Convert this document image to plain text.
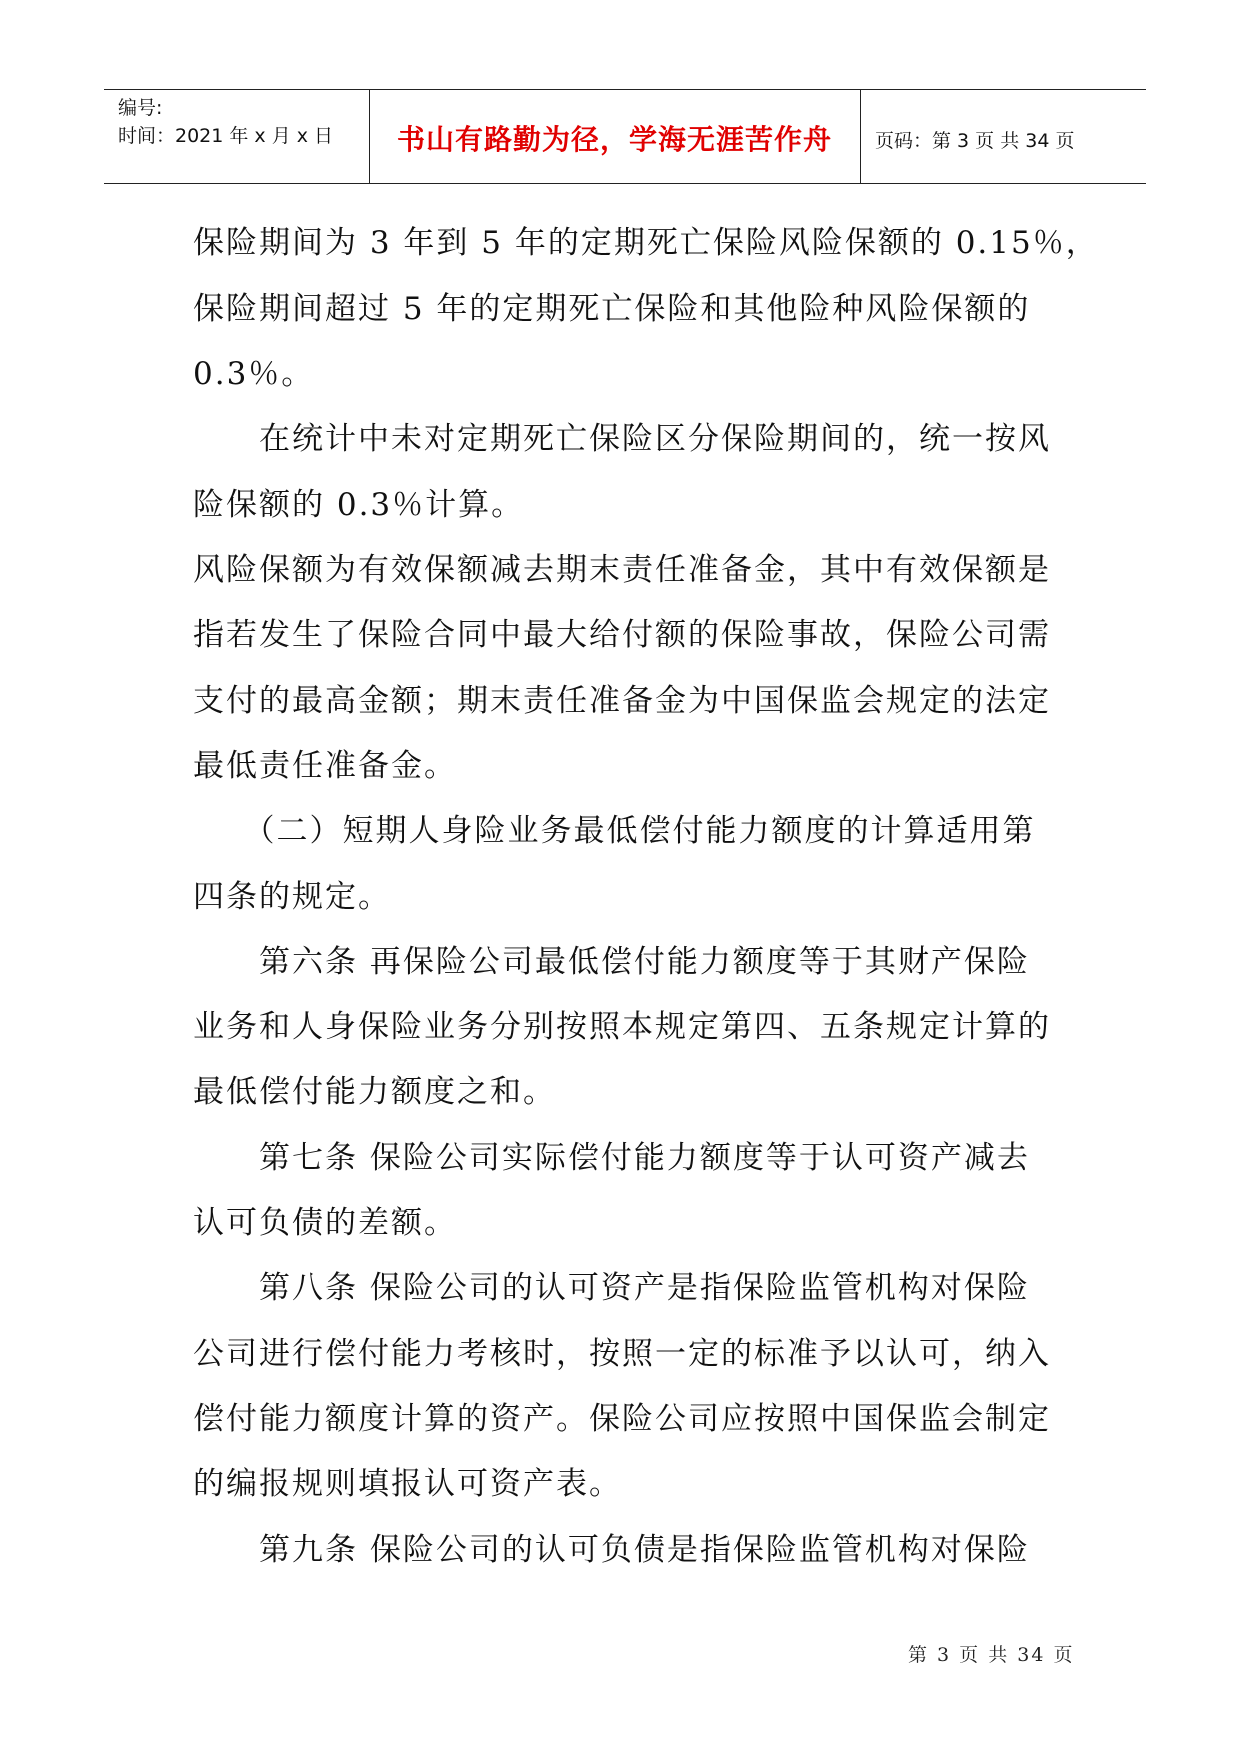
编号:
时间：2021 年 x 月 x 日	书山有路勤为径，学海无涯苦作舟	页码：第 3 页 共 34 页
保险期间为 3 年到 5 年的定期死亡保险风险保额的 0.15％，
保险期间超过 5 年的定期死亡保险和其他险种风险保额的
0.3％。
　　在统计中未对定期死亡保险区分保险期间的，统一按风
险保额的 0.3％计算。
风险保额为有效保额减去期末责任准备金，其中有效保额是
指若发生了保险合同中最大给付额的保险事故，保险公司需
支付的最高金额；期末责任准备金为中国保监会规定的法定
最低责任准备金。
　　（二）短期人身险业务最低偿付能力额度的计算适用第
四条的规定。
　　第六条 再保险公司最低偿付能力额度等于其财产保险
业务和人身保险业务分别按照本规定第四、五条规定计算的
最低偿付能力额度之和。
　　第七条 保险公司实际偿付能力额度等于认可资产减去
认可负债的差额。
　　第八条 保险公司的认可资产是指保险监管机构对保险
公司进行偿付能力考核时，按照一定的标准予以认可，纳入
偿付能力额度计算的资产。保险公司应按照中国保监会制定
的编报规则填报认可资产表。
　　第九条 保险公司的认可负债是指保险监管机构对保险
第 3 页 共 34 页
